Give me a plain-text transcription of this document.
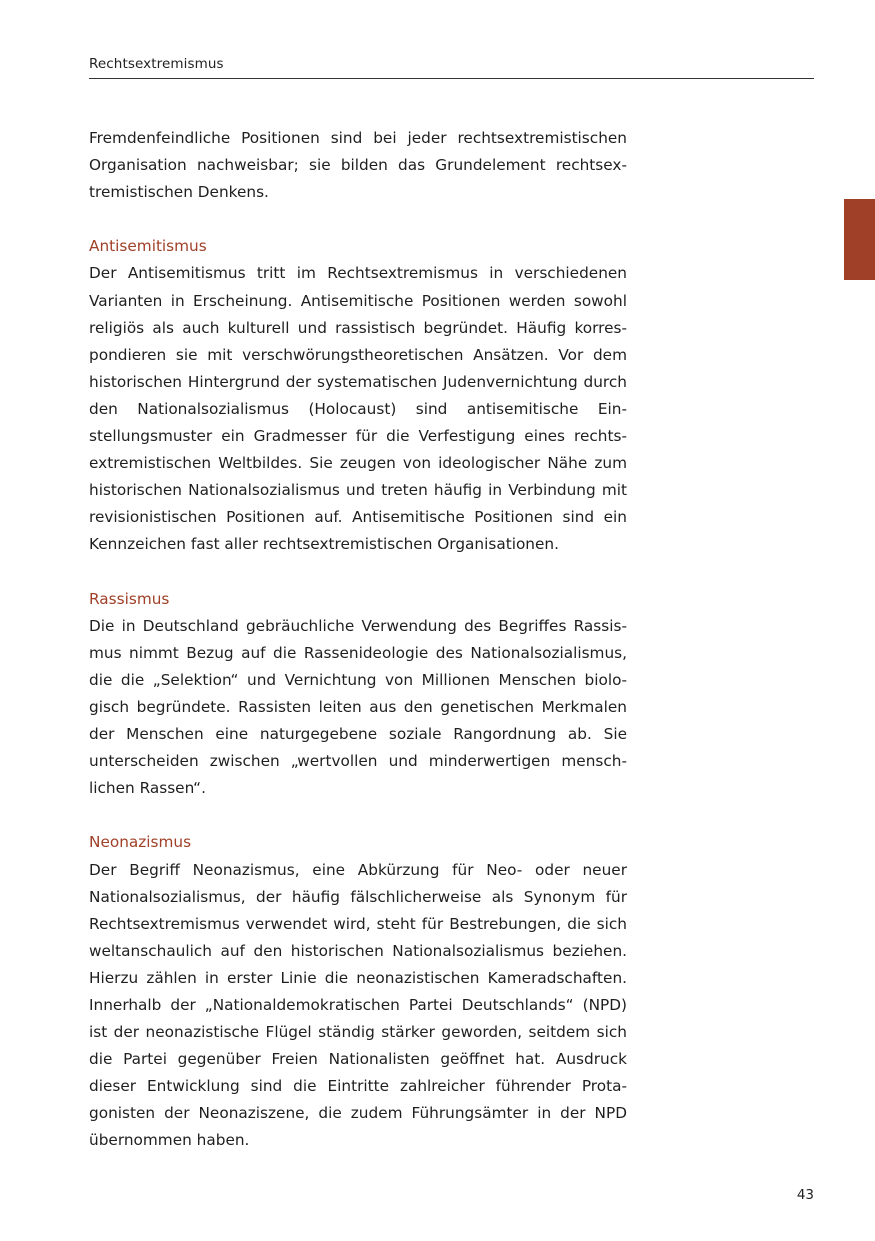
Rechtsextremismus

Fremdenfeindliche Positionen sind bei jeder rechtsextremistischen Organisation nachweisbar; sie bilden das Grundelement rechtsextremistischen Denkens.

Antisemitismus

Der Antisemitismus tritt im Rechtsextremismus in verschiedenen Varianten in Erscheinung. Antisemitische Positionen werden sowohl religiös als auch kulturell und rassistisch begründet. Häufig korrespondieren sie mit verschwörungstheoretischen Ansätzen. Vor dem historischen Hintergrund der systematischen Judenvernichtung durch den Nationalsozialismus (Holocaust) sind antisemitische Einstellungsmuster ein Gradmesser für die Verfestigung eines rechtsextremistischen Weltbildes. Sie zeugen von ideologischer Nähe zum historischen Nationalsozialismus und treten häufig in Verbindung mit revisionistischen Positionen auf. Antisemitische Positionen sind ein Kennzeichen fast aller rechtsextremistischen Organisationen.

Rassismus

Die in Deutschland gebräuchliche Verwendung des Begriffes Rassismus nimmt Bezug auf die Rassenideologie des Nationalsozialismus, die die „Selektion“ und Vernichtung von Millionen Menschen biologisch begründete. Rassisten leiten aus den genetischen Merkmalen der Menschen eine naturgegebene soziale Rangordnung ab. Sie unterscheiden zwischen „wertvollen und minderwertigen menschlichen Rassen“.

Neonazismus

Der Begriff Neonazismus, eine Abkürzung für Neo- oder neuer Nationalsozialismus, der häufig fälschlicherweise als Synonym für Rechtsextremismus verwendet wird, steht für Bestrebungen, die sich weltanschaulich auf den historischen Nationalsozialismus beziehen. Hierzu zählen in erster Linie die neonazistischen Kameradschaften. Innerhalb der „Nationaldemokratischen Partei Deutschlands“ (NPD) ist der neonazistische Flügel ständig stärker geworden, seitdem sich die Partei gegenüber Freien Nationalisten geöffnet hat. Ausdruck dieser Entwicklung sind die Eintritte zahlreicher führender Protagonisten der Neonaziszene, die zudem Führungsämter in der NPD übernommen haben.

43
